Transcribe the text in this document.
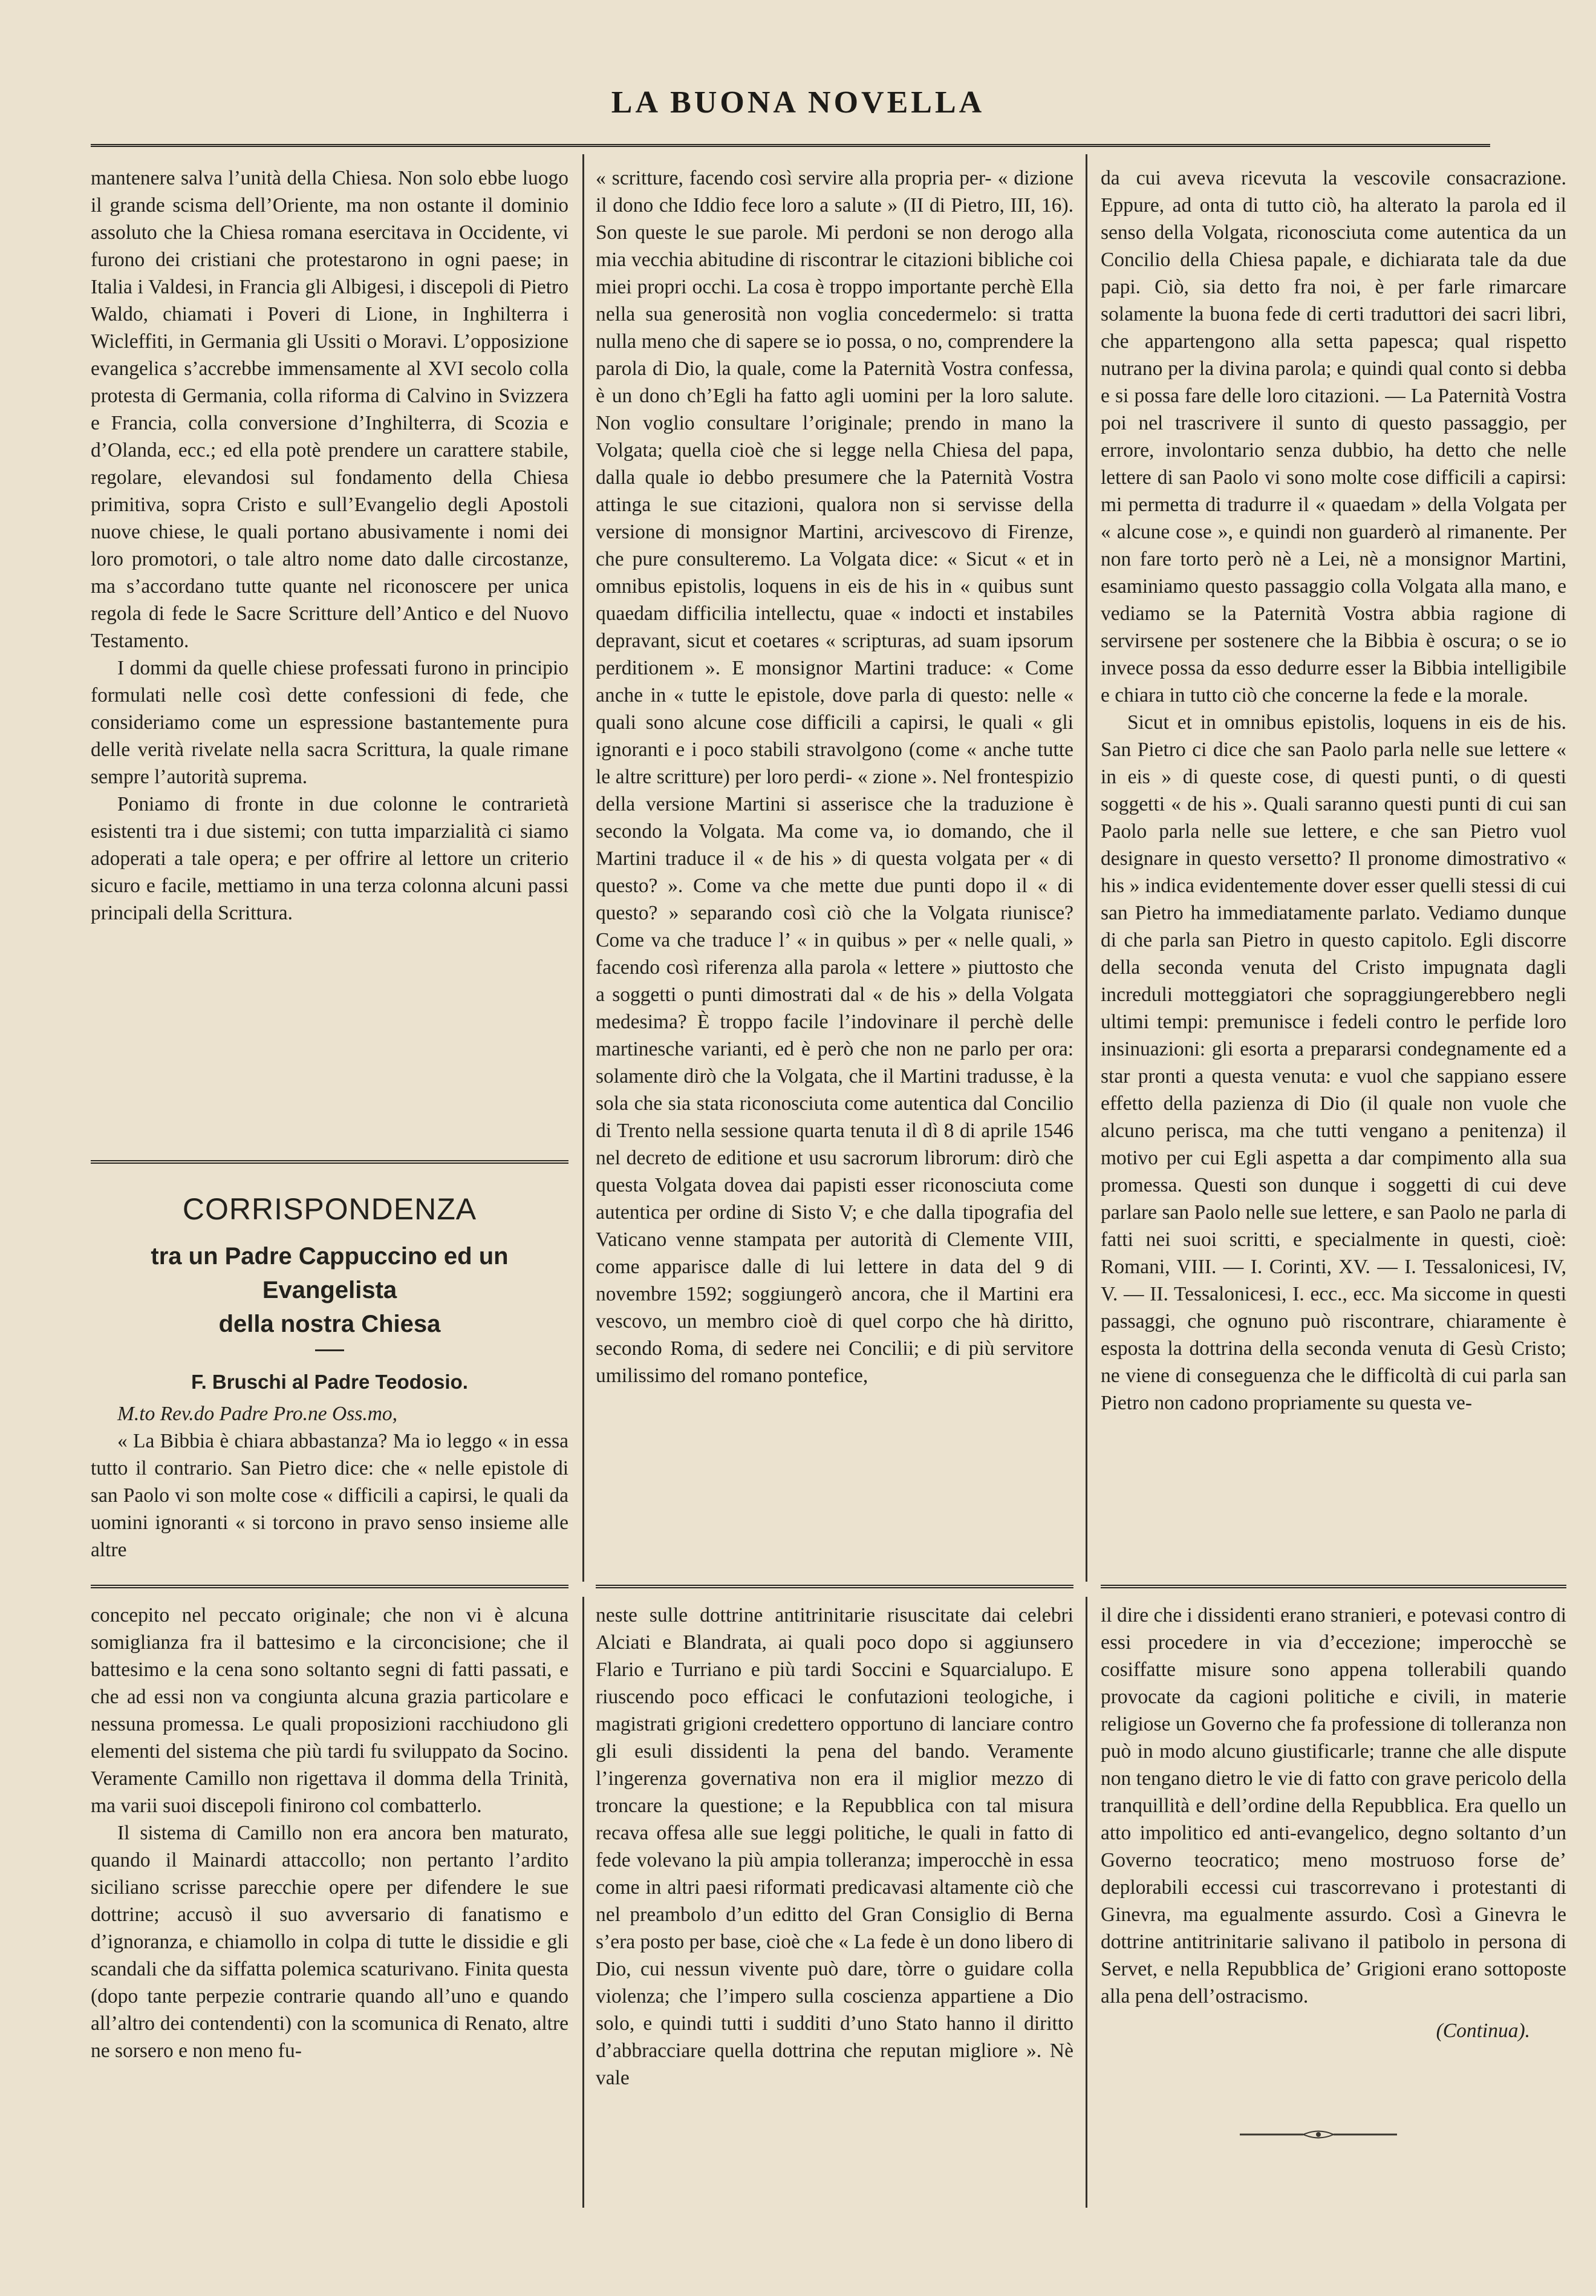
LA BUONA NOVELLA

mantenere salva l’unità della Chiesa. Non solo ebbe luogo il grande scisma dell’Oriente, ma non ostante il dominio assoluto che la Chiesa romana esercitava in Occidente, vi furono dei cristiani che protestarono in ogni paese; in Italia i Valdesi, in Francia gli Albigesi, i discepoli di Pietro Waldo, chiamati i Poveri di Lione, in Inghilterra i Wicleffiti, in Germania gli Ussiti o Moravi. L’opposizione evangelica s’accrebbe immensamente al XVI secolo colla protesta di Germania, colla riforma di Calvino in Svizzera e Francia, colla conversione d’Inghilterra, di Scozia e d’Olanda, ecc.; ed ella potè prendere un carattere stabile, regolare, elevandosi sul fondamento della Chiesa primitiva, sopra Cristo e sull’Evangelio degli Apostoli nuove chiese, le quali portano abusivamente i nomi dei loro promotori, o tale altro nome dato dalle circostanze, ma s’accordano tutte quante nel riconoscere per unica regola di fede le Sacre Scritture dell’Antico e del Nuovo Testamento.

I dommi da quelle chiese professati furono in principio formulati nelle così dette confessioni di fede, che consideriamo come un espressione bastantemente pura delle verità rivelate nella sacra Scrittura, la quale rimane sempre l’autorità suprema.

Poniamo di fronte in due colonne le contrarietà esistenti tra i due sistemi; con tutta imparzialità ci siamo adoperati a tale opera; e per offrire al lettore un criterio sicuro e facile, mettiamo in una terza colonna alcuni passi principali della Scrittura.

CORRISPONDENZA
tra un Padre Cappuccino ed un Evangelista
della nostra Chiesa
F. Bruschi al Padre Teodosio.

M.to Rev.do Padre Pro.ne Oss.mo,

« La Bibbia è chiara abbastanza? Ma io leggo « in essa tutto il contrario. San Pietro dice: che « nelle epistole di san Paolo vi son molte cose « difficili a capirsi, le quali da uomini ignoranti « si torcono in pravo senso insieme alle altre

« scritture, facendo così servire alla propria per- « dizione il dono che Iddio fece loro a salute » (II di Pietro, III, 16). Son queste le sue parole. Mi perdoni se non derogo alla mia vecchia abitudine di riscontrar le citazioni bibliche coi miei propri occhi. La cosa è troppo importante perchè Ella nella sua generosità non voglia concedermelo: si tratta nulla meno che di sapere se io possa, o no, comprendere la parola di Dio, la quale, come la Paternità Vostra confessa, è un dono ch’Egli ha fatto agli uomini per la loro salute. Non voglio consultare l’originale; prendo in mano la Volgata; quella cioè che si legge nella Chiesa del papa, dalla quale io debbo presumere che la Paternità Vostra attinga le sue citazioni, qualora non si servisse della versione di monsignor Martini, arcivescovo di Firenze, che pure consulteremo. La Volgata dice: « Sicut « et in omnibus epistolis, loquens in eis de his in « quibus sunt quaedam difficilia intellectu, quae « indocti et instabiles depravant, sicut et coetares « scripturas, ad suam ipsorum perditionem ». E monsignor Martini traduce: « Come anche in « tutte le epistole, dove parla di questo: nelle « quali sono alcune cose difficili a capirsi, le quali « gli ignoranti e i poco stabili stravolgono (come « anche tutte le altre scritture) per loro perdi- « zione ». Nel frontespizio della versione Martini si asserisce che la traduzione è secondo la Volgata. Ma come va, io domando, che il Martini traduce il « de his » di questa volgata per « di questo? ». Come va che mette due punti dopo il « di questo? » separando così ciò che la Volgata riunisce? Come va che traduce l’ « in quibus » per « nelle quali, » facendo così riferenza alla parola « lettere » piuttosto che a soggetti o punti dimostrati dal « de his » della Volgata medesima? È troppo facile l’indovinare il perchè delle martinesche varianti, ed è però che non ne parlo per ora: solamente dirò che la Volgata, che il Martini tradusse, è la sola che sia stata riconosciuta come autentica dal Concilio di Trento nella sessione quarta tenuta il dì 8 di aprile 1546 nel decreto de editione et usu sacrorum librorum: dirò che questa Volgata dovea dai papisti esser riconosciuta come autentica per ordine di Sisto V; e che dalla tipografia del Vaticano venne stampata per autorità di Clemente VIII, come apparisce dalle di lui lettere in data del 9 di novembre 1592; soggiungerò ancora, che il Martini era vescovo, un membro cioè di quel corpo che hà diritto, secondo Roma, di sedere nei Concilii; e di più servitore umilissimo del romano pontefice,

da cui aveva ricevuta la vescovile consacrazione. Eppure, ad onta di tutto ciò, ha alterato la parola ed il senso della Volgata, riconosciuta come autentica da un Concilio della Chiesa papale, e dichiarata tale da due papi. Ciò, sia detto fra noi, è per farle rimarcare solamente la buona fede di certi traduttori dei sacri libri, che appartengono alla setta papesca; qual rispetto nutrano per la divina parola; e quindi qual conto si debba e si possa fare delle loro citazioni. — La Paternità Vostra poi nel trascrivere il sunto di questo passaggio, per errore, involontario senza dubbio, ha detto che nelle lettere di san Paolo vi sono molte cose difficili a capirsi: mi permetta di tradurre il « quaedam » della Volgata per « alcune cose », e quindi non guarderò al rimanente. Per non fare torto però nè a Lei, nè a monsignor Martini, esaminiamo questo passaggio colla Volgata alla mano, e vediamo se la Paternità Vostra abbia ragione di servirsene per sostenere che la Bibbia è oscura; o se io invece possa da esso dedurre esser la Bibbia intelligibile e chiara in tutto ciò che concerne la fede e la morale.

Sicut et in omnibus epistolis, loquens in eis de his. San Pietro ci dice che san Paolo parla nelle sue lettere « in eis » di queste cose, di questi punti, o di questi soggetti « de his ». Quali saranno questi punti di cui san Paolo parla nelle sue lettere, e che san Pietro vuol designare in questo versetto? Il pronome dimostrativo « his » indica evidentemente dover esser quelli stessi di cui san Pietro ha immediatamente parlato. Vediamo dunque di che parla san Pietro in questo capitolo. Egli discorre della seconda venuta del Cristo impugnata dagli increduli motteggiatori che sopraggiungerebbero negli ultimi tempi: premunisce i fedeli contro le perfide loro insinuazioni: gli esorta a prepararsi condegnamente ed a star pronti a questa venuta: e vuol che sappiano essere effetto della pazienza di Dio (il quale non vuole che alcuno perisca, ma che tutti vengano a penitenza) il motivo per cui Egli aspetta a dar compimento alla sua promessa. Questi son dunque i soggetti di cui deve parlare san Paolo nelle sue lettere, e san Paolo ne parla di fatti nei suoi scritti, e specialmente in questi, cioè: Romani, VIII. — I. Corinti, XV. — I. Tessalonicesi, IV, V. — II. Tessalonicesi, I. ecc., ecc. Ma siccome in questi passaggi, che ognuno può riscontrare, chiaramente è esposta la dottrina della seconda venuta di Gesù Cristo; ne viene di conseguenza che le difficoltà di cui parla san Pietro non cadono propriamente su questa ve-

concepito nel peccato originale; che non vi è alcuna somiglianza fra il battesimo e la circoncisione; che il battesimo e la cena sono soltanto segni di fatti passati, e che ad essi non va congiunta alcuna grazia particolare e nessuna promessa. Le quali proposizioni racchiudono gli elementi del sistema che più tardi fu sviluppato da Socino. Veramente Camillo non rigettava il domma della Trinità, ma varii suoi discepoli finirono col combatterlo.

Il sistema di Camillo non era ancora ben maturato, quando il Mainardi attaccollo; non pertanto l’ardito siciliano scrisse parecchie opere per difendere le sue dottrine; accusò il suo avversario di fanatismo e d’ignoranza, e chiamollo in colpa di tutte le dissidie e gli scandali che da siffatta polemica scaturivano. Finita questa (dopo tante perpezie contrarie quando all’uno e quando all’altro dei contendenti) con la scomunica di Renato, altre ne sorsero e non meno fu-

neste sulle dottrine antitrinitarie risuscitate dai celebri Alciati e Blandrata, ai quali poco dopo si aggiunsero Flario e Turriano e più tardi Soccini e Squarcialupo. E riuscendo poco efficaci le confutazioni teologiche, i magistrati grigioni credettero opportuno di lanciare contro gli esuli dissidenti la pena del bando. Veramente l’ingerenza governativa non era il miglior mezzo di troncare la questione; e la Repubblica con tal misura recava offesa alle sue leggi politiche, le quali in fatto di fede volevano la più ampia tolleranza; imperocchè in essa come in altri paesi riformati predicavasi altamente ciò che nel preambolo d’un editto del Gran Consiglio di Berna s’era posto per base, cioè che « La fede è un dono libero di Dio, cui nessun vivente può dare, tòrre o guidare colla violenza; che l’impero sulla coscienza appartiene a Dio solo, e quindi tutti i sudditi d’uno Stato hanno il diritto d’abbracciare quella dottrina che reputan migliore ». Nè vale

il dire che i dissidenti erano stranieri, e potevasi contro di essi procedere in via d’eccezione; imperocchè se cosiffatte misure sono appena tollerabili quando provocate da cagioni politiche e civili, in materie religiose un Governo che fa professione di tolleranza non può in modo alcuno giustificarle; tranne che alle dispute non tengano dietro le vie di fatto con grave pericolo della tranquillità e dell’ordine della Repubblica. Era quello un atto impolitico ed anti-evangelico, degno soltanto d’un Governo teocratico; meno mostruoso forse de’ deplorabili eccessi cui trascorrevano i protestanti di Ginevra, ma egualmente assurdo. Così a Ginevra le dottrine antitrinitarie salivano il patibolo in persona di Servet, e nella Repubblica de’ Grigioni erano sottoposte alla pena dell’ostracismo.

(Continua).
